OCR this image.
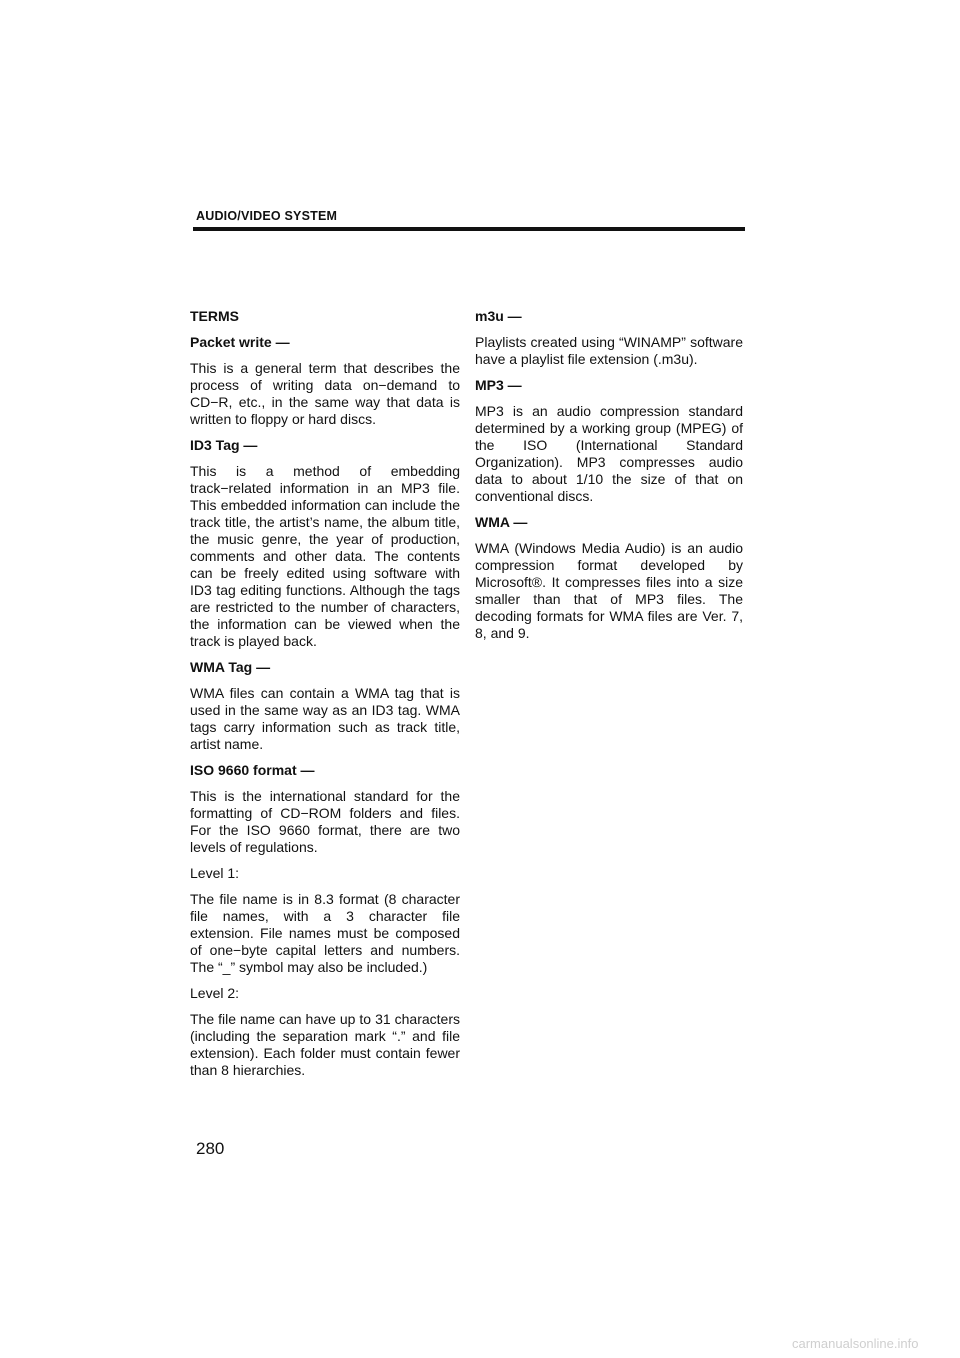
AUDIO/VIDEO SYSTEM
TERMS
Packet write —
This is a general term that describes the process of writing data on−demand to CD−R, etc., in the same way that data is written to floppy or hard discs.
ID3 Tag —
This is a method of embedding track−related information in an MP3 file. This embedded information can include the track title, the artist’s name, the album title, the music genre, the year of production, comments and other data. The contents can be freely edited using software with ID3 tag editing functions. Although the tags are restricted to the number of characters, the information can be viewed when the track is played back.
WMA Tag —
WMA files can contain a WMA tag that is used in the same way as an ID3 tag. WMA tags carry information such as track title, artist name.
ISO 9660 format —
This is the international standard for the formatting of CD−ROM folders and files. For the ISO 9660 format, there are two levels of regulations.
Level 1:
The file name is in 8.3 format (8 character file names, with a 3 character file extension. File names must be composed of one−byte capital letters and numbers. The “_” symbol may also be included.)
Level 2:
The file name can have up to 31 characters (including the separation mark “.” and file extension). Each folder must contain fewer than 8 hierarchies.
m3u —
Playlists created using “WINAMP” software have a playlist file extension (.m3u).
MP3 —
MP3 is an audio compression standard determined by a working group (MPEG) of the ISO (International Standard Organization). MP3 compresses audio data to about 1/10 the size of that on conventional discs.
WMA —
WMA (Windows Media Audio) is an audio compression format developed by Microsoft®. It compresses files into a size smaller than that of MP3 files. The decoding formats for WMA files are Ver. 7, 8, and 9.
280
carmanualsonline.info
